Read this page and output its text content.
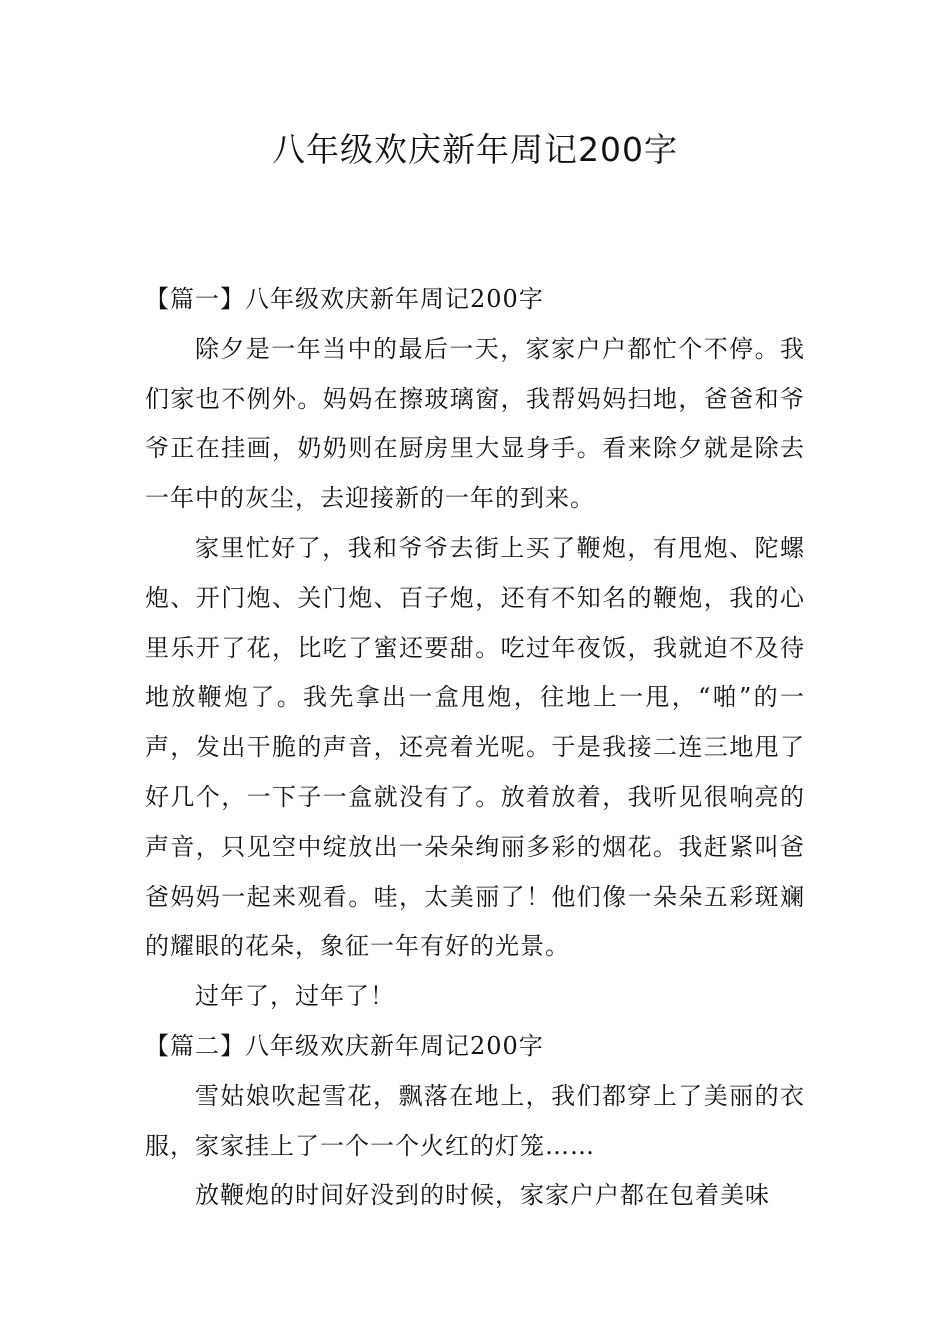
八年级欢庆新年周记200字
【篇一】八年级欢庆新年周记200字

除夕是一年当中的最后一天，家家户户都忙个不停。我们家也不例外。妈妈在擦玻璃窗，我帮妈妈扫地，爸爸和爷爷正在挂画，奶奶则在厨房里大显身手。看来除夕就是除去一年中的灰尘，去迎接新的一年的到来。

家里忙好了，我和爷爷去街上买了鞭炮，有甩炮、陀螺炮、开门炮、关门炮、百子炮，还有不知名的鞭炮，我的心里乐开了花，比吃了蜜还要甜。吃过年夜饭，我就迫不及待地放鞭炮了。我先拿出一盒甩炮，往地上一甩，“啪”的一声，发出干脆的声音，还亮着光呢。于是我接二连三地甩了好几个，一下子一盒就没有了。放着放着，我听见很响亮的声音，只见空中绽放出一朵朵绚丽多彩的烟花。我赶紧叫爸爸妈妈一起来观看。哇，太美丽了！他们像一朵朵五彩斑斓的耀眼的花朵，象征一年有好的光景。

过年了，过年了！

【篇二】八年级欢庆新年周记200字

雪姑娘吹起雪花，飘落在地上，我们都穿上了美丽的衣服，家家挂上了一个一个火红的灯笼……

放鞭炮的时间好没到的时候，家家户户都在包着美味
